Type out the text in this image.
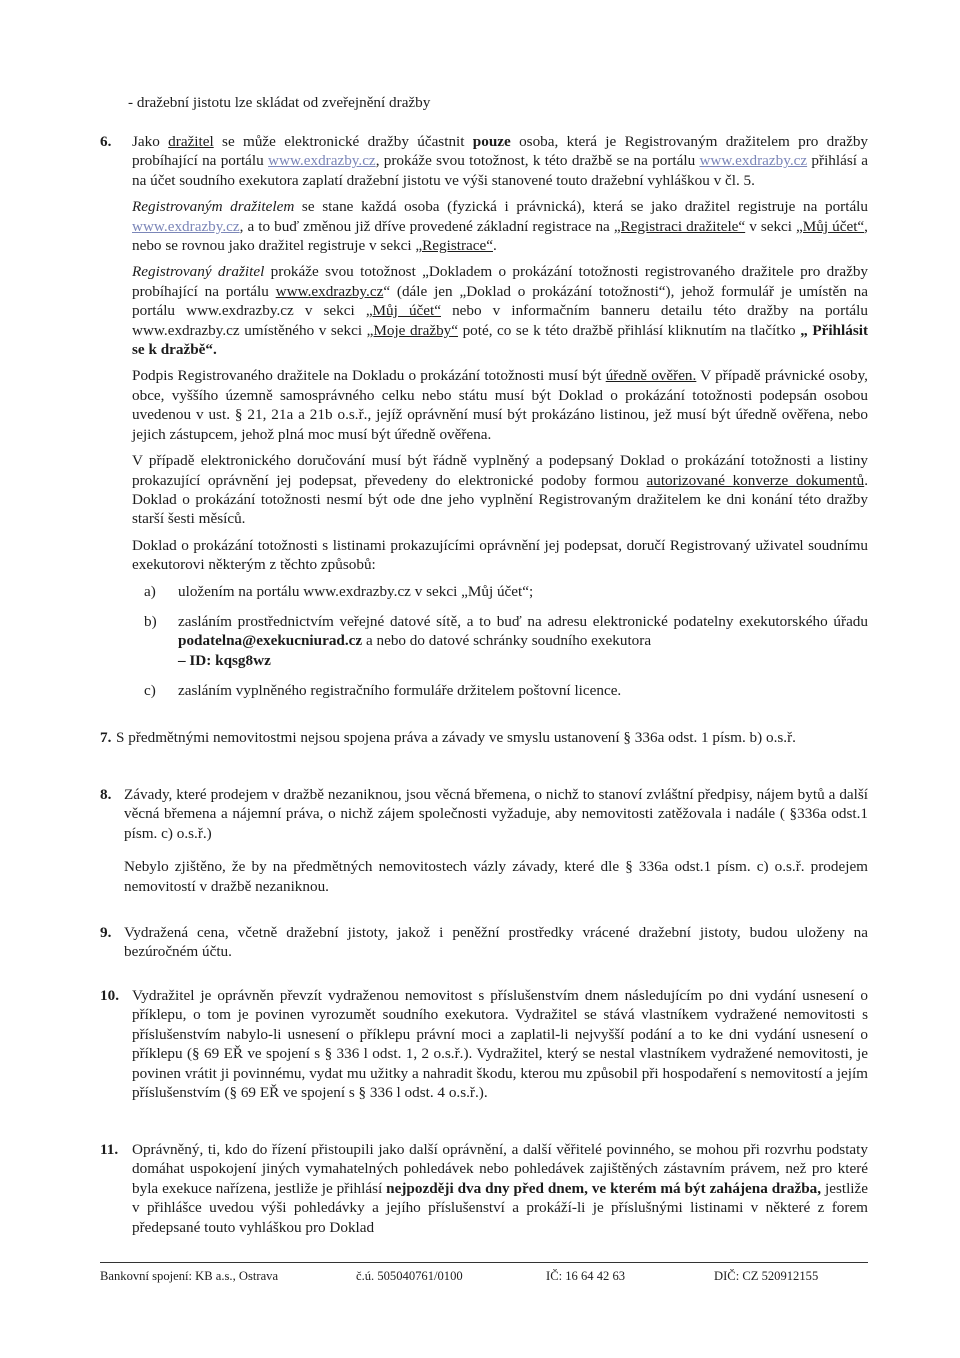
- dražební jistotu lze skládat od zveřejnění dražby
6. Jako dražitel se může elektronické dražby účastnit pouze osoba, která je Registrovaným dražitelem pro dražby probíhající na portálu www.exdrazby.cz, prokáže svou totožnost, k této dražbě se na portálu www.exdrazby.cz přihlásí a na účet soudního exekutora zaplatí dražební jistotu ve výši stanovené touto dražební vyhláškou v čl. 5.

Registrovaným dražitelem se stane každá osoba (fyzická i právnická), která se jako dražitel registruje na portálu www.exdrazby.cz, a to buď změnou již dříve provedené základní registrace na „Registraci dražitele“ v sekci „Můj účet“, nebo se rovnou jako dražitel registruje v sekci „Registrace“.

Registrovaný dražitel prokáže svou totožnost „Dokladem o prokázání totožnosti registrovaného dražitele pro dražby probíhající na portálu www.exdrazby.cz“ (dále jen „Doklad o prokázání totožnosti“), jehož formulář je umístěn na portálu www.exdrazby.cz v sekci „Můj účet“ nebo v informačním banneru detailu této dražby na portálu www.exdrazby.cz umístěného v sekci „Moje dražby“ poté, co se k této dražbě přihlásí kliknutím na tlačítko „ Přihlásit se k dražbě“.

Podpis Registrovaného dražitele na Dokladu o prokázání totožnosti musí být úředně ověřen. V případě právnické osoby, obce, vyššího územně samosprávného celku nebo státu musí být Doklad o prokázání totožnosti podepsán osobou uvedenou v ust. § 21, 21a a 21b o.s.ř., jejíž oprávnění musí být prokázáno listinou, jež musí být úředně ověřena, nebo jejich zástupcem, jehož plná moc musí být úředně ověřena.

V případě elektronického doručování musí být řádně vyplněný a podepsaný Doklad o prokázání totožnosti a listiny prokazující oprávnění jej podepsat, převedeny do elektronické podoby formou autorizované konverze dokumentů. Doklad o prokázání totožnosti nesmí být ode dne jeho vyplnění Registrovaným dražitelem ke dni konání této dražby starší šesti měsíců.

Doklad o prokázání totožnosti s listinami prokazujícími oprávnění jej podepsat, doručí Registrovaný uživatel soudnímu exekutorovi některým z těchto způsobů:

a) uložením na portálu www.exdrazby.cz v sekci „Můj účet“;
b) zasláním prostřednictvím veřejné datové sítě, a to buď na adresu elektronické podatelny exekutorského úřadu podatelna@exekucniurad.cz a nebo do datové schránky soudního exekutora
– ID: kqsg8wz
c) zasláním vyplněného registračního formuláře držitelem poštovní licence.
7. S předmětnými nemovitostmi nejsou spojena práva a závady ve smyslu ustanovení § 336a odst. 1 písm. b) o.s.ř.

8. Závady, které prodejem v dražbě nezaniknou, jsou věcná břemena, o nichž to stanoví zvláštní předpisy, nájem bytů a další věcná břemena a nájemní práva, o nichž zájem společnosti vyžaduje, aby nemovitosti zatěžovala i nadále ( §336a odst.1 písm. c) o.s.ř.)

Nebylo zjištěno, že by na předmětných nemovitostech vázly závady, které dle § 336a odst.1 písm. c) o.s.ř. prodejem nemovitostí v dražbě nezaniknou.

9. Vydražená cena, včetně dražební jistoty, jakož i peněžní prostředky vrácené dražební jistoty, budou uloženy na bezúročném účtu.

10. Vydražitel je oprávněn převzít vydraženou nemovitost s příslušenstvím dnem následujícím po dni vydání usnesení o příklepu, o tom je povinen vyrozumět soudního exekutora. Vydražitel se stává vlastníkem vydražené nemovitosti s příslušenstvím nabylo-li usnesení o příklepu právní moci a zaplatil-li nejvyšší podání a to ke dni vydání usnesení o příklepu (§ 69 EŘ ve spojení s § 336 l odst. 1, 2 o.s.ř.). Vydražitel, který se nestal vlastníkem vydražené nemovitosti, je povinen vrátit ji povinnému, vydat mu užitky a nahradit škodu, kterou mu způsobil při hospodaření s nemovitostí a jejím příslušenstvím (§ 69 EŘ ve spojení s § 336 l odst. 4 o.s.ř.).

11. Oprávněný, ti, kdo do řízení přistoupili jako další oprávnění, a další věřitelé povinného, se mohou při rozvrhu podstaty domáhat uspokojení jiných vymahatelných pohledávek nebo pohledávek zajištěných zástavním právem, než pro které byla exekuce nařízena, jestliže je přihlásí nejpozději dva dny před dnem, ve kterém má být zahájena dražba, jestliže v přihlášce uvedou výši pohledávky a jejího příslušenství a prokáží-li je příslušnými listinami v některé z forem předepsané touto vyhláškou pro Doklad

Bankovní spojení: KB a.s., Ostrava	č.ú. 505040761/0100	IČ: 16 64 42 63	DIČ: CZ 520912155
